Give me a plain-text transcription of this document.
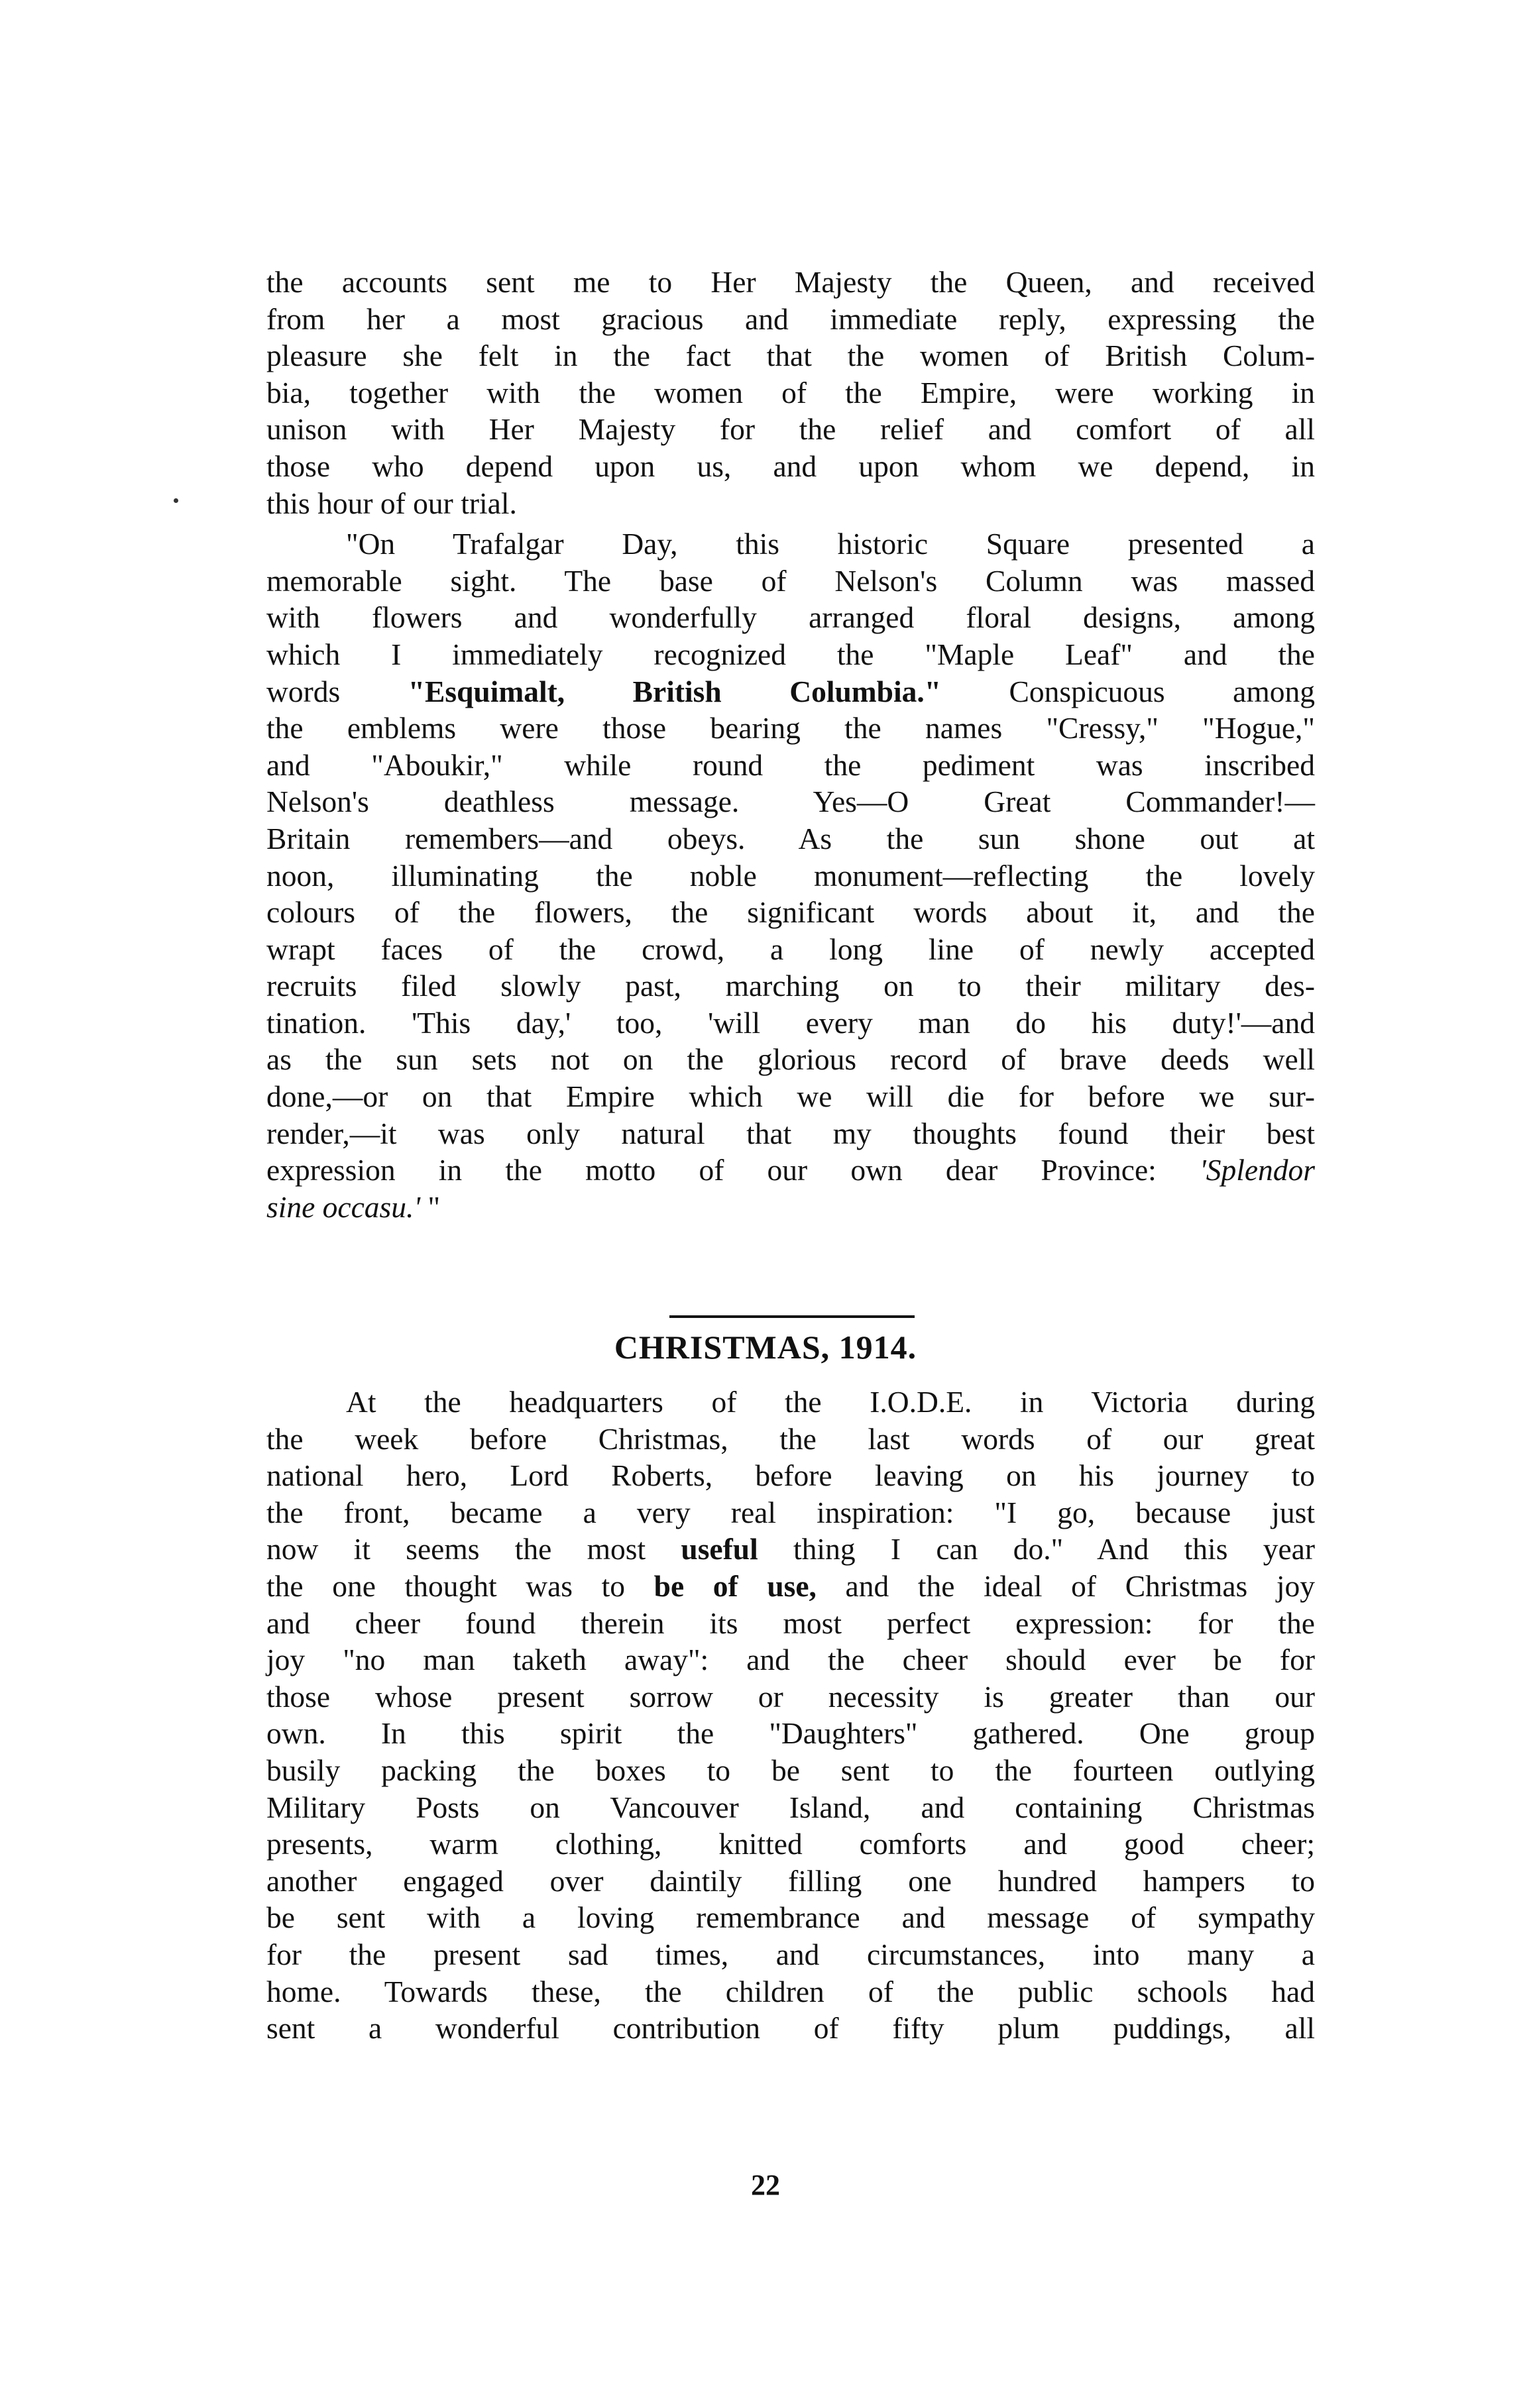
the accounts sent me to Her Majesty the Queen, and received
from her a most gracious and immediate reply, expressing the
pleasure she felt in the fact that the women of British Colum-
bia, together with the women of the Empire, were working in
unison with Her Majesty for the relief and comfort of all
those who depend upon us, and upon whom we depend, in
this hour of our trial.

"On Trafalgar Day, this historic Square presented a
memorable sight. The base of Nelson's Column was massed
with flowers and wonderfully arranged floral designs, among
which I immediately recognized the "Maple Leaf" and the
words "Esquimalt, British Columbia." Conspicuous among
the emblems were those bearing the names "Cressy," "Hogue,"
and "Aboukir," while round the pediment was inscribed
Nelson's deathless message. Yes—O Great Commander!—
Britain remembers—and obeys. As the sun shone out at
noon, illuminating the noble monument—reflecting the lovely
colours of the flowers, the significant words about it, and the
wrapt faces of the crowd, a long line of newly accepted
recruits filed slowly past, marching on to their military des-
tination. 'This day,' too, 'will every man do his duty!'—and
as the sun sets not on the glorious record of brave deeds well
done,—or on that Empire which we will die for before we sur-
render,—it was only natural that my thoughts found their best
expression in the motto of our own dear Province: 'Splendor
sine occasu.' "

CHRISTMAS, 1914.

At the headquarters of the I.O.D.E. in Victoria during
the week before Christmas, the last words of our great
national hero, Lord Roberts, before leaving on his journey to
the front, became a very real inspiration: "I go, because just
now it seems the most useful thing I can do." And this year
the one thought was to be of use, and the ideal of Christmas joy
and cheer found therein its most perfect expression: for the
joy "no man taketh away": and the cheer should ever be for
those whose present sorrow or necessity is greater than our
own. In this spirit the "Daughters" gathered. One group
busily packing the boxes to be sent to the fourteen outlying
Military Posts on Vancouver Island, and containing Christmas
presents, warm clothing, knitted comforts and good cheer;
another engaged over daintily filling one hundred hampers to
be sent with a loving remembrance and message of sympathy
for the present sad times, and circumstances, into many a
home. Towards these, the children of the public schools had
sent a wonderful contribution of fifty plum puddings, all

22
